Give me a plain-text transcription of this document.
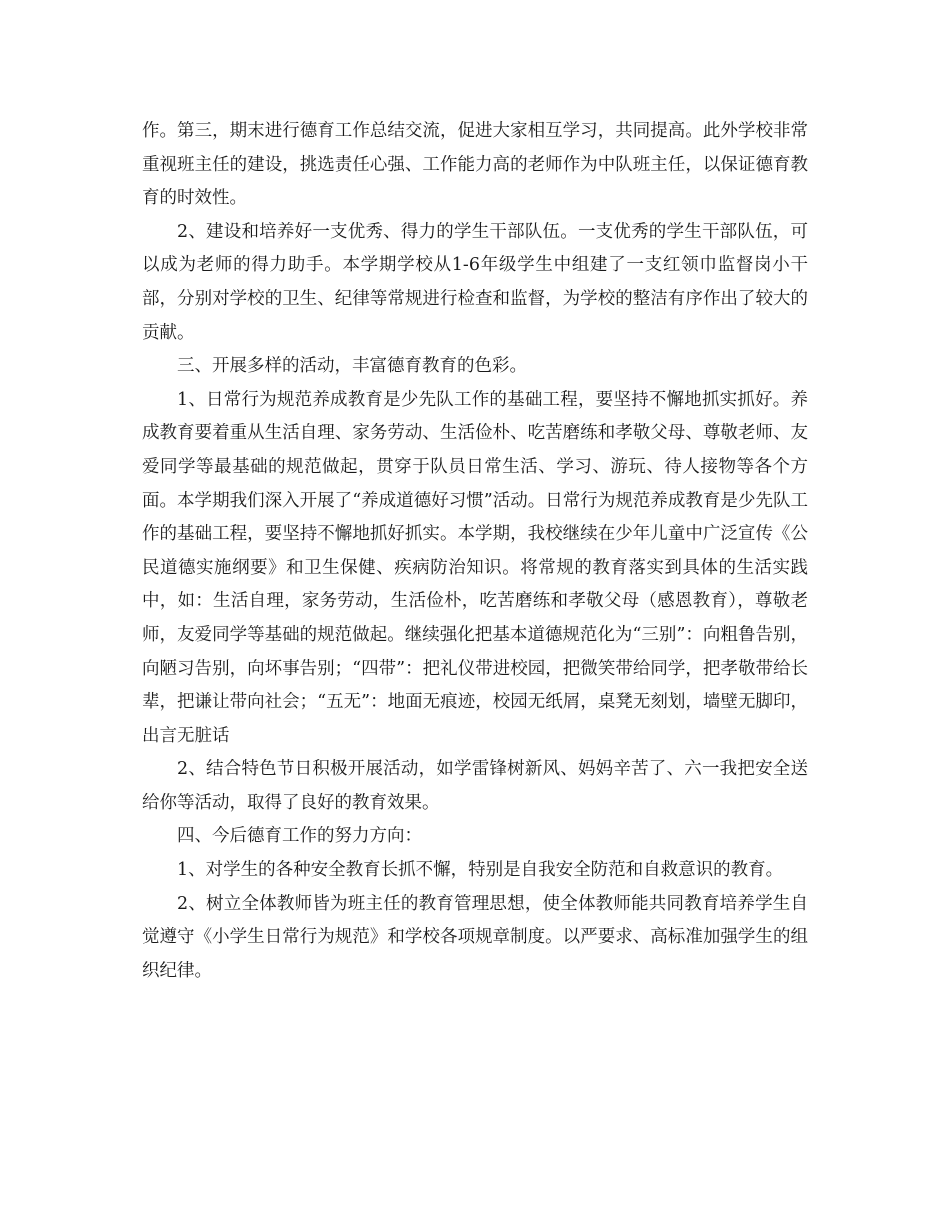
作。第三，期末进行德育工作总结交流，促进大家相互学习，共同提高。此外学校非常重视班主任的建设，挑选责任心强、工作能力高的老师作为中队班主任，以保证德育教育的时效性。

2、建设和培养好一支优秀、得力的学生干部队伍。一支优秀的学生干部队伍，可以成为老师的得力助手。本学期学校从1-6年级学生中组建了一支红领巾监督岗小干部，分别对学校的卫生、纪律等常规进行检查和监督，为学校的整洁有序作出了较大的贡献。

三、开展多样的活动，丰富德育教育的色彩。

1、日常行为规范养成教育是少先队工作的基础工程，要坚持不懈地抓实抓好。养成教育要着重从生活自理、家务劳动、生活俭朴、吃苦磨练和孝敬父母、尊敬老师、友爱同学等最基础的规范做起，贯穿于队员日常生活、学习、游玩、待人接物等各个方面。本学期我们深入开展了“养成道德好习惯”活动。日常行为规范养成教育是少先队工作的基础工程，要坚持不懈地抓好抓实。本学期，我校继续在少年儿童中广泛宣传《公民道德实施纲要》和卫生保健、疾病防治知识。将常规的教育落实到具体的生活实践中，如：生活自理，家务劳动，生活俭朴，吃苦磨练和孝敬父母（感恩教育），尊敬老师，友爱同学等基础的规范做起。继续强化把基本道德规范化为“三别”：向粗鲁告别，向陋习告别，向坏事告别；“四带”：把礼仪带进校园，把微笑带给同学，把孝敬带给长辈，把谦让带向社会；“五无”：地面无痕迹，校园无纸屑，桌凳无刻划，墙壁无脚印，出言无脏话

2、结合特色节日积极开展活动，如学雷锋树新风、妈妈辛苦了、六一我把安全送给你等活动，取得了良好的教育效果。

四、今后德育工作的努力方向：

1、对学生的各种安全教育长抓不懈，特别是自我安全防范和自救意识的教育。

2、树立全体教师皆为班主任的教育管理思想，使全体教师能共同教育培养学生自觉遵守《小学生日常行为规范》和学校各项规章制度。以严要求、高标准加强学生的组织纪律。
